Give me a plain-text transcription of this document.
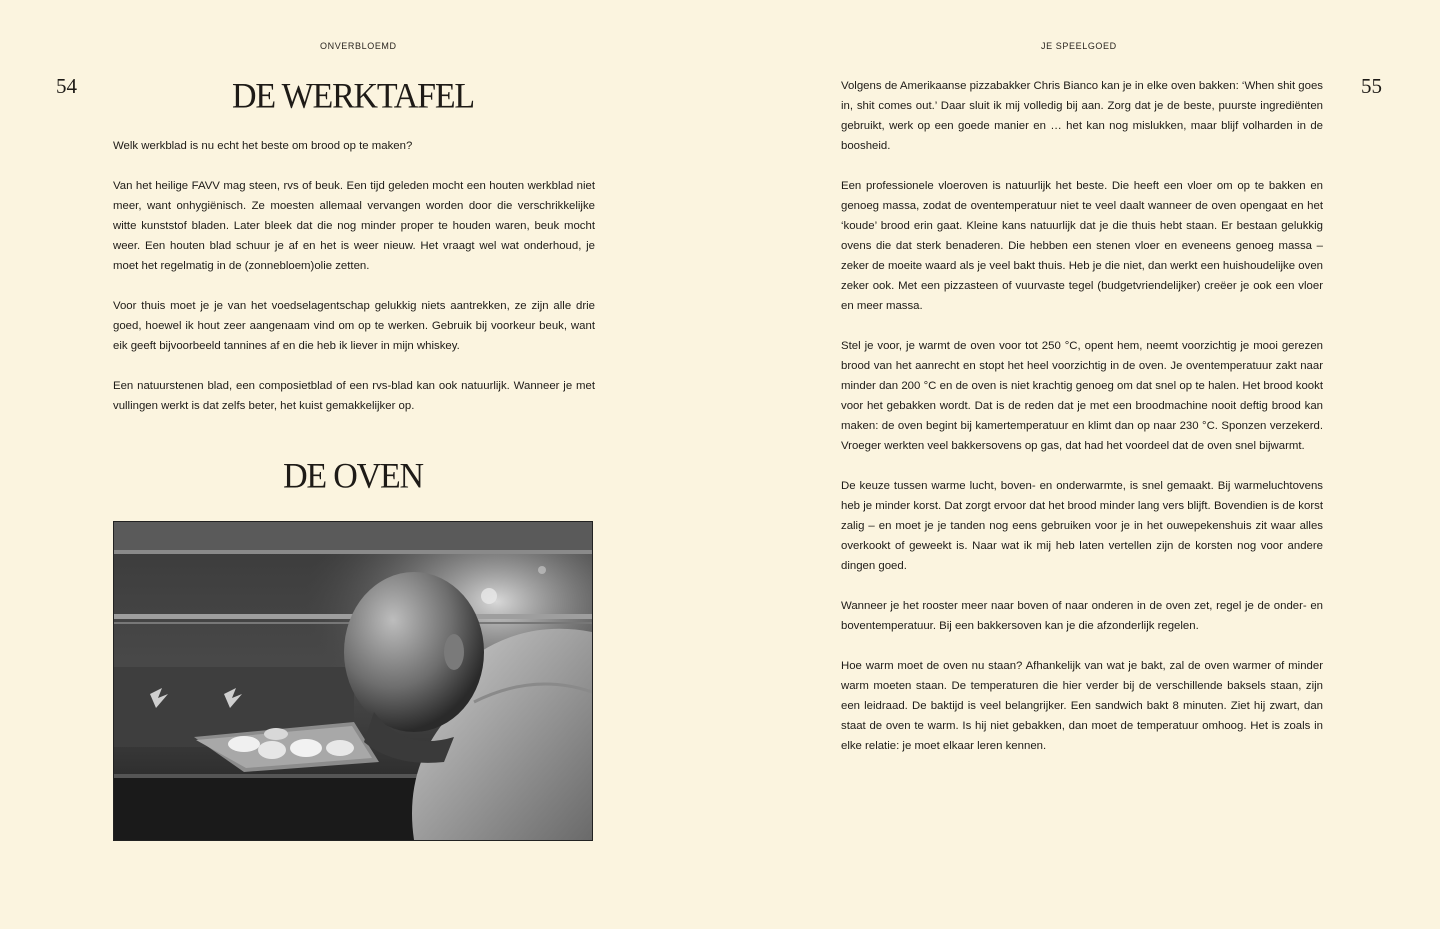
ONVERBLOEMD
54	DE WERKTAFEL

Welk werkblad is nu echt het beste om brood op te maken?

Van het heilige FAVV mag steen, rvs of beuk. Een tijd geleden mocht een houten werkblad niet meer, want onhygiënisch. Ze moesten allemaal vervangen worden door die verschrikkelijke witte kunststof bladen. Later bleek dat die nog minder proper te houden waren, beuk mocht weer. Een houten blad schuur je af en het is weer nieuw. Het vraagt wel wat onderhoud, je moet het regelmatig in de (zonnebloem)olie zetten.

Voor thuis moet je je van het voedselagentschap gelukkig niets aantrekken, ze zijn alle drie goed, hoewel ik hout zeer aangenaam vind om op te werken. Gebruik bij voorkeur beuk, want eik geeft bijvoorbeeld tannines af en die heb ik liever in mijn whiskey.

Een natuurstenen blad, een composietblad of een rvs-blad kan ook natuurlijk. Wanneer je met vullingen werkt is dat zelfs beter, het kuist gemakkelijker op.

DE OVEN
JE SPEELGOED
55

Volgens de Amerikaanse pizzabakker Chris Bianco kan je in elke oven bakken: ‘When shit goes in, shit comes out.’ Daar sluit ik mij volledig bij aan. Zorg dat je de beste, puurste ingrediënten gebruikt, werk op een goede manier en … het kan nog mislukken, maar blijf volharden in de boosheid.

Een professionele vloeroven is natuurlijk het beste. Die heeft een vloer om op te bakken en genoeg massa, zodat de oventemperatuur niet te veel daalt wanneer de oven opengaat en het ‘koude’ brood erin gaat. Kleine kans natuurlijk dat je die thuis hebt staan. Er bestaan gelukkig ovens die dat sterk benaderen. Die hebben een stenen vloer en eveneens genoeg massa – zeker de moeite waard als je veel bakt thuis. Heb je die niet, dan werkt een huishoudelijke oven zeker ook. Met een pizzasteen of vuurvaste tegel (budgetvriendelijker) creëer je ook een vloer en meer massa.

Stel je voor, je warmt de oven voor tot 250 °C, opent hem, neemt voorzichtig je mooi gerezen brood van het aanrecht en stopt het heel voorzichtig in de oven. Je oventemperatuur zakt naar minder dan 200 °C en de oven is niet krachtig genoeg om dat snel op te halen. Het brood kookt voor het gebakken wordt. Dat is de reden dat je met een broodmachine nooit deftig brood kan maken: de oven begint bij kamertemperatuur en klimt dan op naar 230 °C. Sponzen verzekerd. Vroeger werkten veel bakkersovens op gas, dat had het voordeel dat de oven snel bijwarmt.

De keuze tussen warme lucht, boven- en onderwarmte, is snel gemaakt. Bij warmeluchtovens heb je minder korst. Dat zorgt ervoor dat het brood minder lang vers blijft. Bovendien is de korst zalig – en moet je je tanden nog eens gebruiken voor je in het ouwepekenshuis zit waar alles overkookt of geweekt is. Naar wat ik mij heb laten vertellen zijn de korsten nog voor andere dingen goed.

Wanneer je het rooster meer naar boven of naar onderen in de oven zet, regel je de onder- en boventemperatuur. Bij een bakkersoven kan je die afzonderlijk regelen.

Hoe warm moet de oven nu staan? Afhankelijk van wat je bakt, zal de oven warmer of minder warm moeten staan. De temperaturen die hier verder bij de verschillende baksels staan, zijn een leidraad. De baktijd is veel belangrijker. Een sandwich bakt 8 minuten. Ziet hij zwart, dan staat de oven te warm. Is hij niet gebakken, dan moet de temperatuur omhoog. Het is zoals in elke relatie: je moet elkaar leren kennen.
